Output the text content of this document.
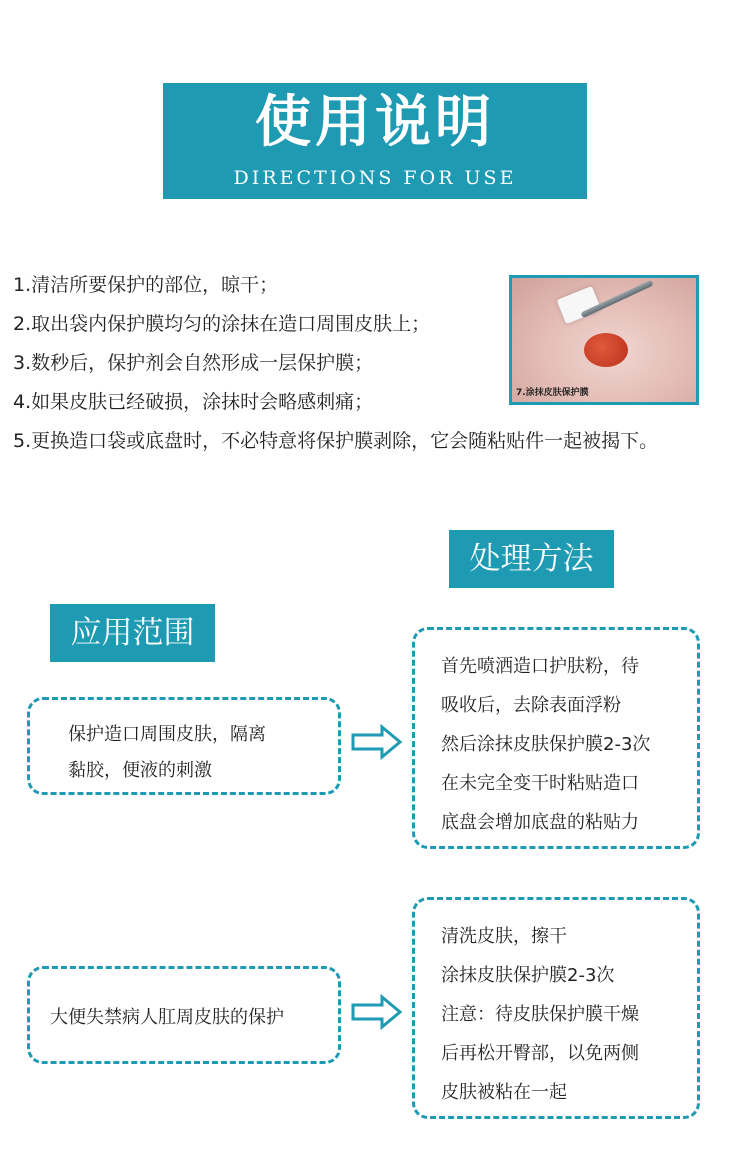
使用说明
DIRECTIONS FOR USE
1.清洁所要保护的部位，晾干；
2.取出袋内保护膜均匀的涂抹在造口周围皮肤上；
3.数秒后，保护剂会自然形成一层保护膜；
4.如果皮肤已经破损，涂抹时会略感刺痛；
5.更换造口袋或底盘时，不必特意将保护膜剥除，它会随粘贴件一起被揭下。
7.涂抹皮肤保护膜
处理方法
应用范围
保护造口周围皮肤，隔离
黏胶，便液的刺激
首先喷洒造口护肤粉，待
吸收后，去除表面浮粉
然后涂抹皮肤保护膜2-3次
在未完全变干时粘贴造口
底盘会增加底盘的粘贴力
大便失禁病人肛周皮肤的保护
清洗皮肤，擦干
涂抹皮肤保护膜2-3次
注意：待皮肤保护膜干燥
后再松开臀部，以免两侧
皮肤被粘在一起
